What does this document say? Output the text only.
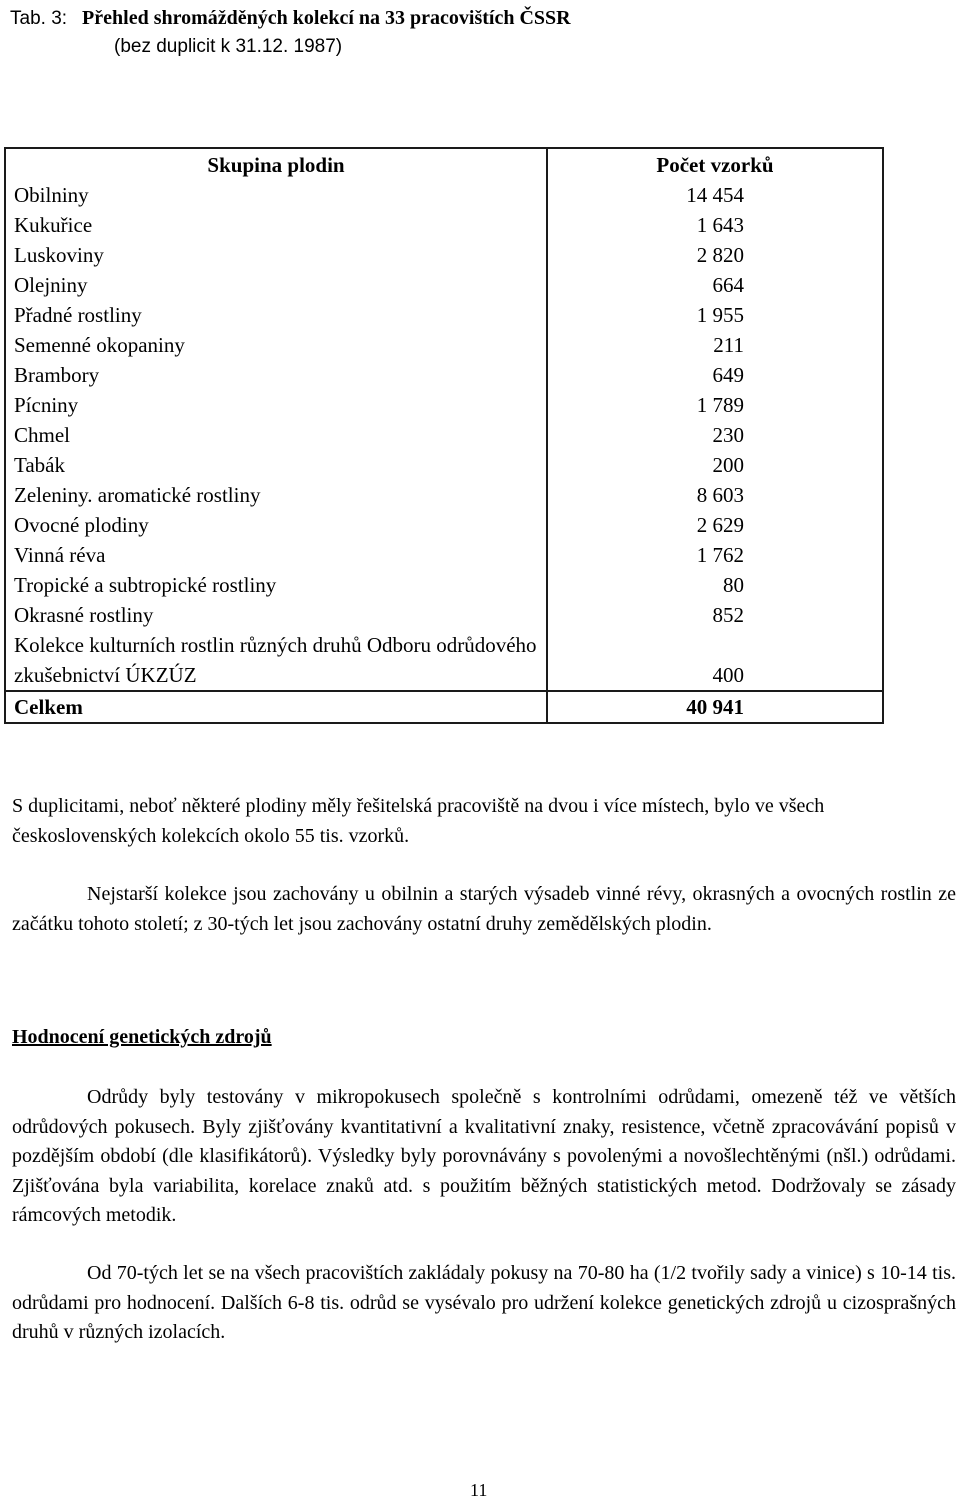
Tab. 3: Přehled shromážděných kolekcí na 33 pracovištích ČSSR
(bez duplicit k 31.12. 1987)
Skupina plodin	Počet vzorků
Obilniny	14 454
Kukuřice	1 643
Luskoviny	2 820
Olejniny	664
Přadné rostliny	1 955
Semenné okopaniny	211
Brambory	649
Pícniny	1 789
Chmel	230
Tabák	200
Zeleniny. aromatické rostliny	8 603
Ovocné plodiny	2 629
Vinná réva	1 762
Tropické a subtropické rostliny	80
Okrasné rostliny	852
Kolekce kulturních rostlin různých druhů Odboru odrůdového zkušebnictví ÚKZÚZ	400
Celkem	40 941
S duplicitami, neboť některé plodiny měly řešitelská pracoviště na dvou i více místech, bylo ve všech československých kolekcích okolo 55 tis. vzorků.
Nejstarší kolekce jsou zachovány u obilnin a starých výsadeb vinné révy, okrasných a ovocných rostlin ze začátku tohoto století; z 30-tých let jsou zachovány ostatní druhy zemědělských plodin.
Hodnocení genetických zdrojů
Odrůdy byly testovány v mikropokusech společně s kontrolními odrůdami, omezeně též ve větších odrůdových pokusech. Byly zjišťovány kvantitativní a kvalitativní znaky, resistence, včetně zpracovávání popisů v pozdějším období (dle klasifikátorů). Výsledky byly porovnávány s povolenými a novošlechtěnými (nšl.) odrůdami. Zjišťována byla variabilita, korelace znaků atd. s použitím běžných statistických metod. Dodržovaly se zásady rámcových metodik.
Od 70-tých let se na všech pracovištích zakládaly pokusy na 70-80 ha (1/2 tvořily sady a vinice) s 10-14 tis. odrůdami pro hodnocení. Dalších 6-8 tis. odrůd se vysévalo pro udržení kolekce genetických zdrojů u cizosprašných druhů v různých izolacích.
11
